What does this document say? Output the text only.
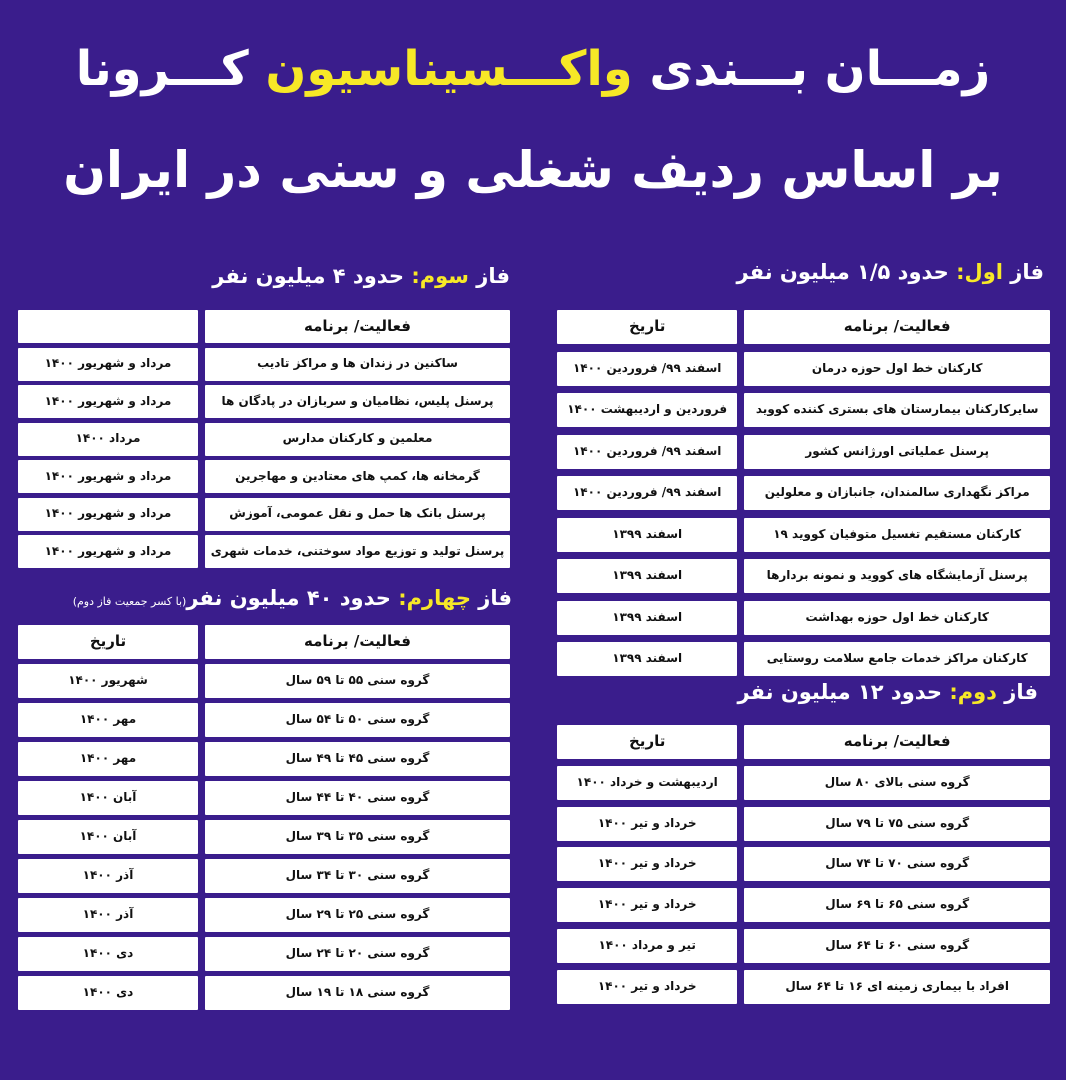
زمـــان بـــندی واکـــسیناسیون کـــرونا
بر اساس ردیف شغلی و سنی در ایران
فاز اول: حدود ۱/۵ میلیون نفر
فعالیت/ برنامه
تاریخ
کارکنان خط اول حوزه درمان
اسفند ۹۹/ فروردین ۱۴۰۰
سایرکارکنان بیمارستان های بستری کننده کووید
فروردین و اردیبهشت ۱۴۰۰
پرسنل عملیاتی اورژانس کشور
اسفند ۹۹/ فروردین ۱۴۰۰
مراکز نگهداری سالمندان، جانبازان و معلولین
اسفند ۹۹/ فروردین ۱۴۰۰
کارکنان مستقیم تغسیل متوفیان کووید ۱۹
اسفند ۱۳۹۹
پرسنل آزمایشگاه های کووید و نمونه بردارها
اسفند ۱۳۹۹
کارکنان خط اول حوزه بهداشت
اسفند ۱۳۹۹
کارکنان مراکز خدمات جامع سلامت روستایی
اسفند ۱۳۹۹
فاز دوم: حدود ۱۲ میلیون نفر
فعالیت/ برنامه
تاریخ
گروه سنی بالای ۸۰ سال
اردیبهشت و خرداد ۱۴۰۰
گروه سنی ۷۵ تا ۷۹ سال
خرداد و تیر ۱۴۰۰
گروه سنی ۷۰ تا ۷۴ سال
خرداد و تیر ۱۴۰۰
گروه سنی ۶۵ تا ۶۹ سال
خرداد و تیر ۱۴۰۰
گروه سنی ۶۰ تا ۶۴ سال
تیر و مرداد ۱۴۰۰
افراد با بیماری زمینه ای ۱۶ تا ۶۴ سال
خرداد و تیر ۱۴۰۰
فاز سوم: حدود ۴ میلیون نفر
فعالیت/ برنامه
ساکنین در زندان ها و مراکز تادیب
مرداد و شهریور ۱۴۰۰
پرسنل پلیس، نظامیان و سربازان در پادگان ها
مرداد و شهریور ۱۴۰۰
معلمین و کارکنان مدارس
مرداد ۱۴۰۰
گرمخانه ها، کمپ های معتادین و مهاجرین
مرداد و شهریور ۱۴۰۰
پرسنل بانک ها حمل و نقل عمومی، آموزش
مرداد و شهریور ۱۴۰۰
پرسنل تولید و توزیع مواد سوختنی، خدمات شهری
مرداد و شهریور ۱۴۰۰
فاز چهارم: حدود ۴۰ میلیون نفر(با کسر جمعیت فاز دوم)
فعالیت/ برنامه
تاریخ
گروه سنی ۵۵ تا ۵۹ سال
شهریور ۱۴۰۰
گروه سنی ۵۰ تا ۵۴ سال
مهر ۱۴۰۰
گروه سنی ۴۵ تا ۴۹ سال
مهر ۱۴۰۰
گروه سنی ۴۰ تا ۴۴ سال
آبان ۱۴۰۰
گروه سنی ۳۵ تا ۳۹ سال
آبان ۱۴۰۰
گروه سنی ۳۰ تا ۳۴ سال
آذر ۱۴۰۰
گروه سنی ۲۵ تا ۲۹ سال
آذر ۱۴۰۰
گروه سنی ۲۰ تا ۲۴ سال
دی ۱۴۰۰
گروه سنی ۱۸ تا ۱۹ سال
دی ۱۴۰۰
